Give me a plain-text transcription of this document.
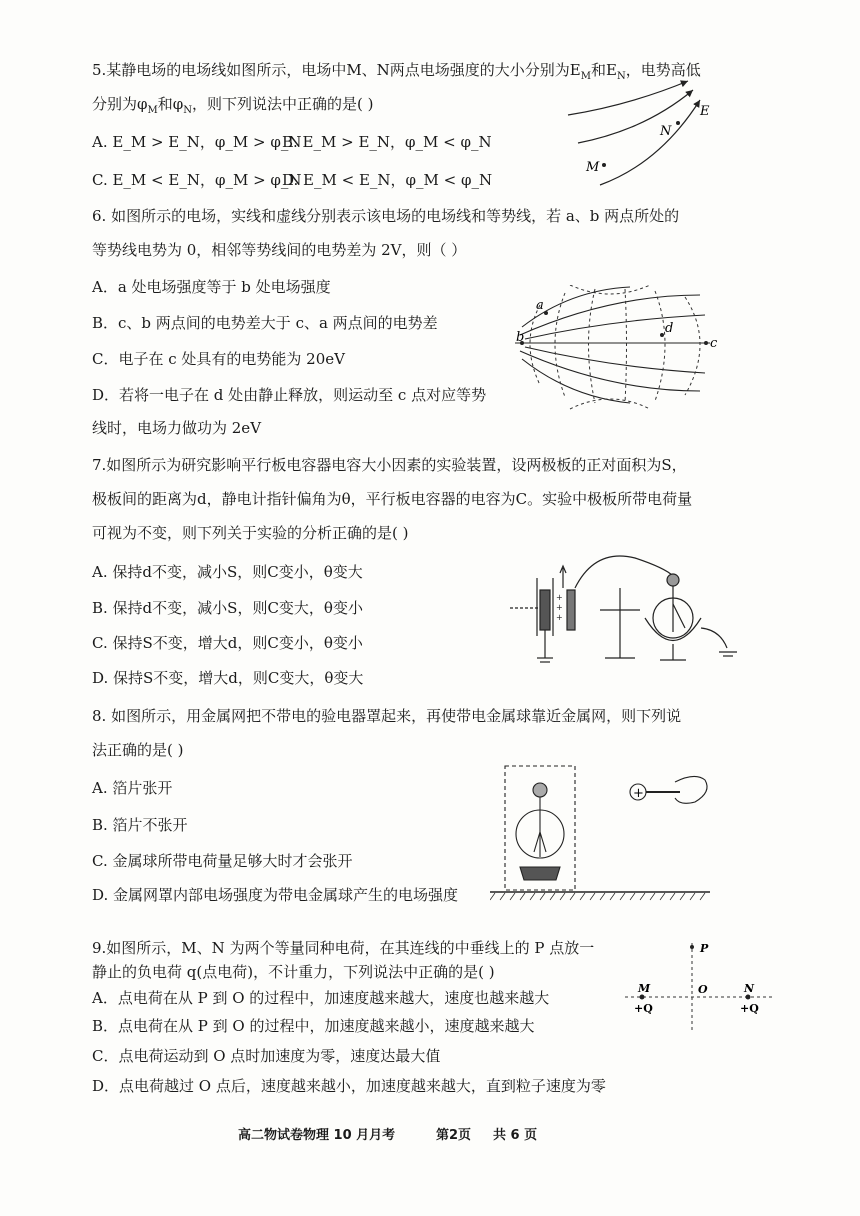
5.某静电场的电场线如图所示，电场中M、N两点电场强度的大小分别为$E_M$和$E_N$，电势高低
分别为$\varphi_M$和$\varphi_N$，则下列说法中正确的是( )
A. E_M > E_N，φ_M > φ_N
B. E_M > E_N，φ_M < φ_N
C. E_M < E_N，φ_M > φ_N
D. E_M < E_N，φ_M < φ_N
E
N
M
6. 如图所示的电场，实线和虚线分别表示该电场的电场线和等势线，若 a、b 两点所处的
等势线电势为 0，相邻等势线间的电势差为 2V，则（ ）
A．a 处电场强度等于 b 处电场强度
B．c、b 两点间的电势差大于 c、a 两点间的电势差
C．电子在 c 处具有的电势能为 20eV
D．若将一电子在 d 处由静止释放，则运动至 c 点对应等势
线时，电场力做功为 2eV
a
b
d
c
7.如图所示为研究影响平行板电容器电容大小因素的实验装置，设两极板的正对面积为S，
极板间的距离为d，静电计指针偏角为θ，平行板电容器的电容为C。实验中极板所带电荷量
可视为不变，则下列关于实验的分析正确的是( )
A. 保持d不变，减小S，则C变小，θ变大
B. 保持d不变，减小S，则C变大，θ变小
C. 保持S不变，增大d，则C变小，θ变小
D. 保持S不变，增大d，则C变大，θ变大
+
+
+
8. 如图所示，用金属网把不带电的验电器罩起来，再使带电金属球靠近金属网，则下列说
法正确的是( )
A. 箔片张开
B. 箔片不张开
C. 金属球所带电荷量足够大时才会张开
D. 金属网罩内部电场强度为带电金属球产生的电场强度
+
9.如图所示，M、N 为两个等量同种电荷，在其连线的中垂线上的 P 点放一
静止的负电荷 q(点电荷)，不计重力，下列说法中正确的是( )
A．点电荷在从 P 到 O 的过程中，加速度越来越大，速度也越来越大
B．点电荷在从 P 到 O 的过程中，加速度越来越小，速度越来越大
C．点电荷运动到 O 点时加速度为零，速度达最大值
D．点电荷越过 O 点后，速度越来越小，加速度越来越大，直到粒子速度为零
P
M	O	N
+Q	+Q
高二物试卷物理 10 月月考	第2页 共 6 页
